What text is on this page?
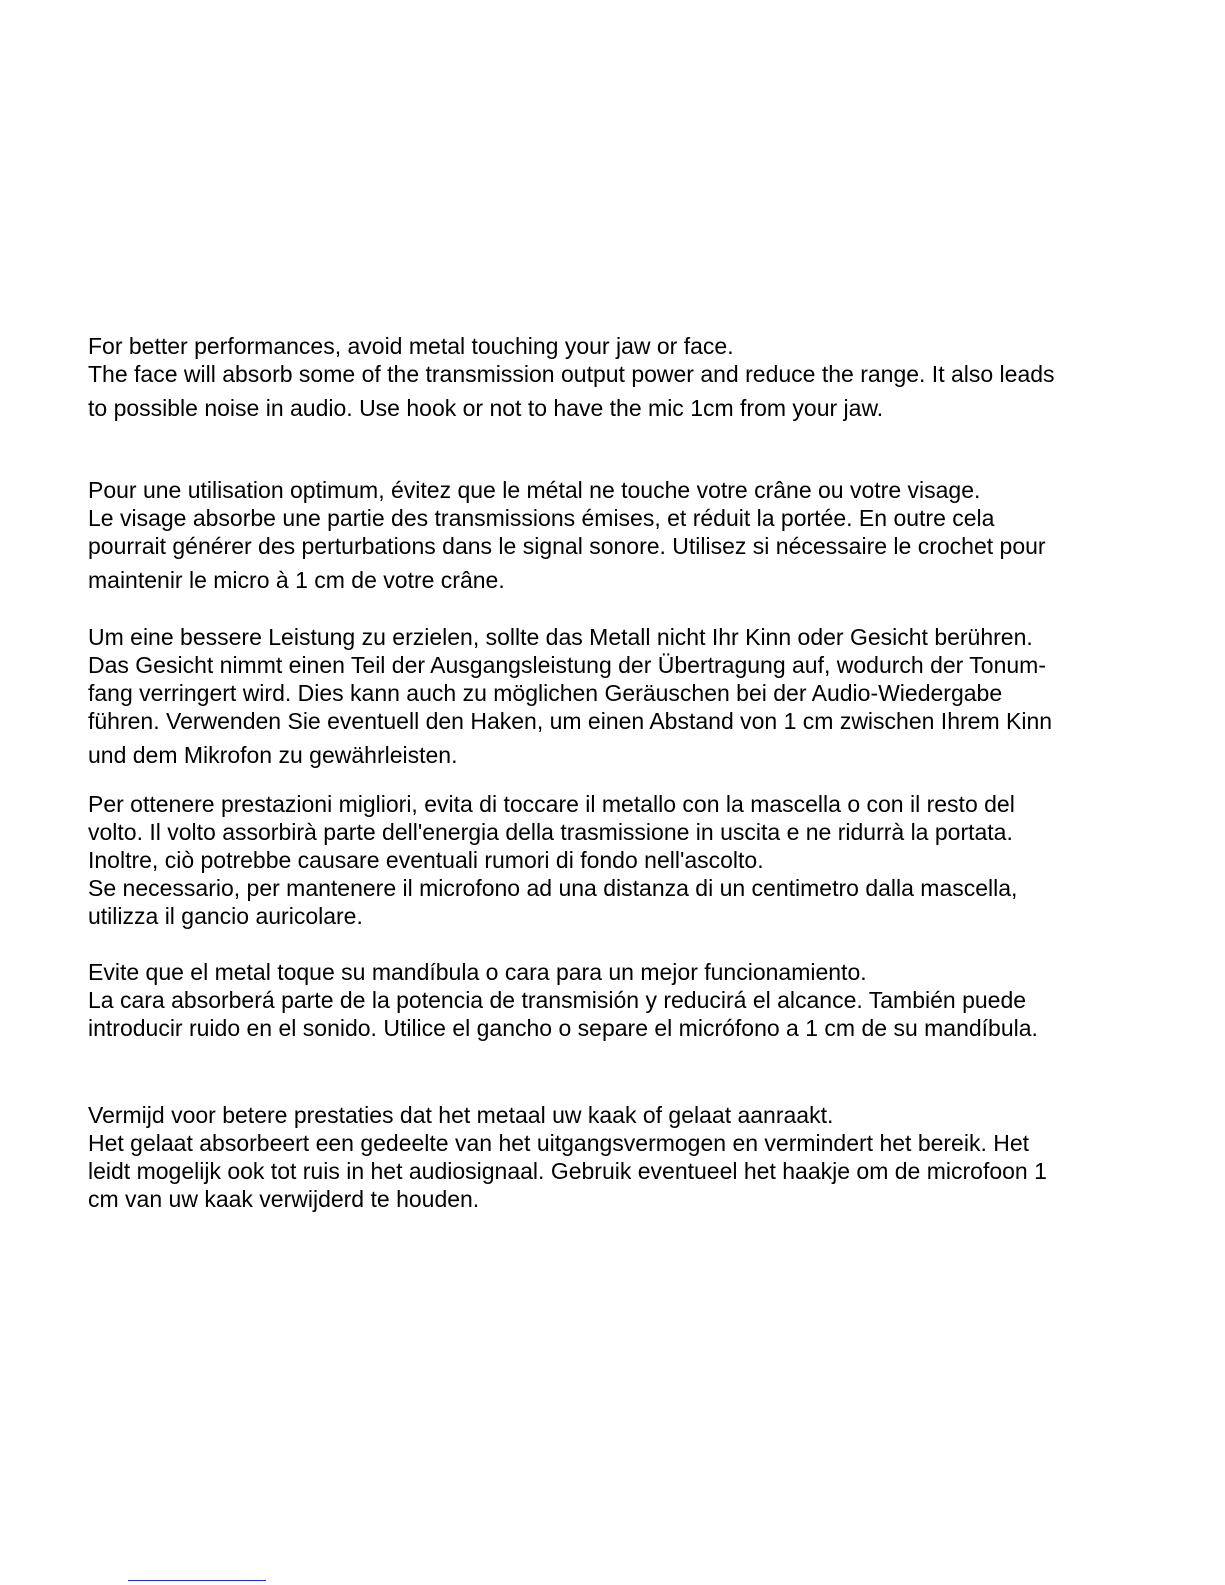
For better performances, avoid metal touching your jaw or face.
The face will absorb some of the transmission output power and reduce the range. It also leads
to possible noise in audio. Use hook or not to have the mic 1cm from your jaw.

Pour une utilisation optimum, évitez que le métal ne touche votre crâne ou votre visage.
Le visage absorbe une partie des transmissions émises, et réduit la portée. En outre cela
pourrait générer des perturbations dans le signal sonore. Utilisez si nécessaire le crochet pour
maintenir le micro à 1 cm de votre crâne.

Um eine bessere Leistung zu erzielen, sollte das Metall nicht Ihr Kinn oder Gesicht berühren.
Das Gesicht nimmt einen Teil der Ausgangsleistung der Übertragung auf, wodurch der Tonum-
fang verringert wird. Dies kann auch zu möglichen Geräuschen bei der Audio-Wiedergabe
führen. Verwenden Sie eventuell den Haken, um einen Abstand von 1 cm zwischen Ihrem Kinn
und dem Mikrofon zu gewährleisten.

Per ottenere prestazioni migliori, evita di toccare il metallo con la mascella o con il resto del
volto. Il volto assorbirà parte dell'energia della trasmissione in uscita e ne ridurrà la portata.
Inoltre, ciò potrebbe causare eventuali rumori di fondo nell'ascolto.
Se necessario, per mantenere il microfono ad una distanza di un centimetro dalla mascella,
utilizza il gancio auricolare.

Evite que el metal toque su mandíbula o cara para un mejor funcionamiento.
La cara absorberá parte de la potencia de transmisión y reducirá el alcance. También puede
introducir ruido en el sonido. Utilice el gancho o separe el micrófono a 1 cm de su mandíbula.

Vermijd voor betere prestaties dat het metaal uw kaak of gelaat aanraakt.
Het gelaat absorbeert een gedeelte van het uitgangsvermogen en vermindert het bereik. Het
leidt mogelijk ook tot ruis in het audiosignaal. Gebruik eventueel het haakje om de microfoon 1
cm van uw kaak verwijderd te houden.
